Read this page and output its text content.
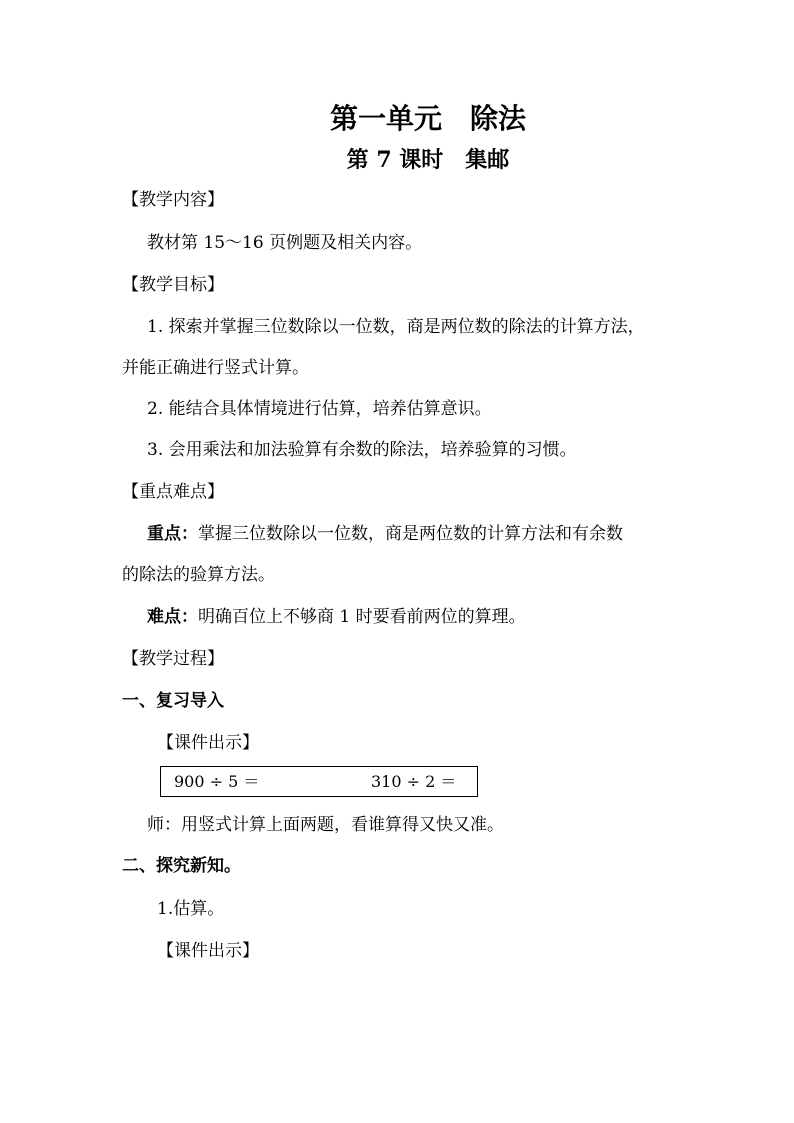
第一单元　除法
第 7 课时　集邮
【教学内容】
教材第 15～16 页例题及相关内容。
【教学目标】
1. 探索并掌握三位数除以一位数，商是两位数的除法的计算方法，
并能正确进行竖式计算。
2. 能结合具体情境进行估算，培养估算意识。
3. 会用乘法和加法验算有余数的除法，培养验算的习惯。
【重点难点】
重点：掌握三位数除以一位数，商是两位数的计算方法和有余数
的除法的验算方法。
难点：明确百位上不够商 1 时要看前两位的算理。
【教学过程】
一、复习导入
【课件出示】
900 ÷ 5 ＝	310 ÷ 2 ＝
师：用竖式计算上面两题，看谁算得又快又准。
二、探究新知。
1.估算。
【课件出示】
